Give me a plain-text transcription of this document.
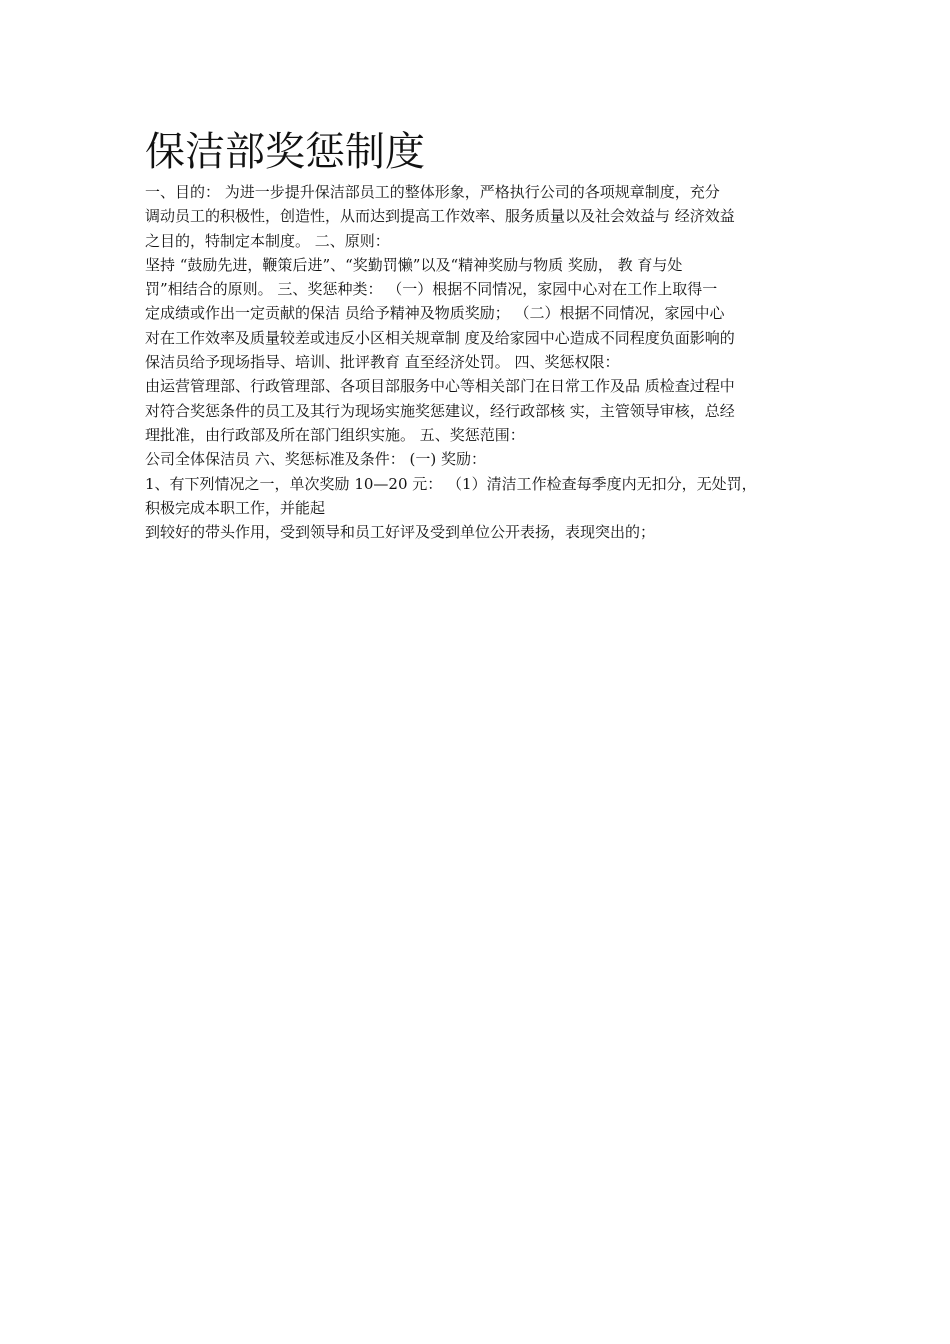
保洁部奖惩制度

一、目的： 为进一步提升保洁部员工的整体形象，严格执行公司的各项规章制度，充分

调动员工的积极性，创造性，从而达到提高工作效率、服务质量以及社会效益与 经济效益

之目的，特制定本制度。 二、原则：

坚持 “鼓励先进，鞭策后进”、“奖勤罚懒”以及“精神奖励与物质 奖励， 教 育与处

罚”相结合的原则。 三、奖惩种类： （一）根据不同情况，家园中心对在工作上取得一

定成绩或作出一定贡献的保洁 员给予精神及物质奖励； （二）根据不同情况，家园中心

对在工作效率及质量较差或违反小区相关规章制 度及给家园中心造成不同程度负面影响的

保洁员给予现场指导、培训、批评教育 直至经济处罚。 四、奖惩权限：

由运营管理部、行政管理部、各项目部服务中心等相关部门在日常工作及品 质检查过程中

对符合奖惩条件的员工及其行为现场实施奖惩建议，经行政部核 实，主管领导审核，总经

理批准，由行政部及所在部门组织实施。 五、奖惩范围：

公司全体保洁员 六、奖惩标准及条件： (一) 奖励：

1、有下列情况之一，单次奖励 10—20 元： （1）清洁工作检查每季度内无扣分，无处罚，

积极完成本职工作，并能起

到较好的带头作用，受到领导和员工好评及受到单位公开表扬，表现突出的；
